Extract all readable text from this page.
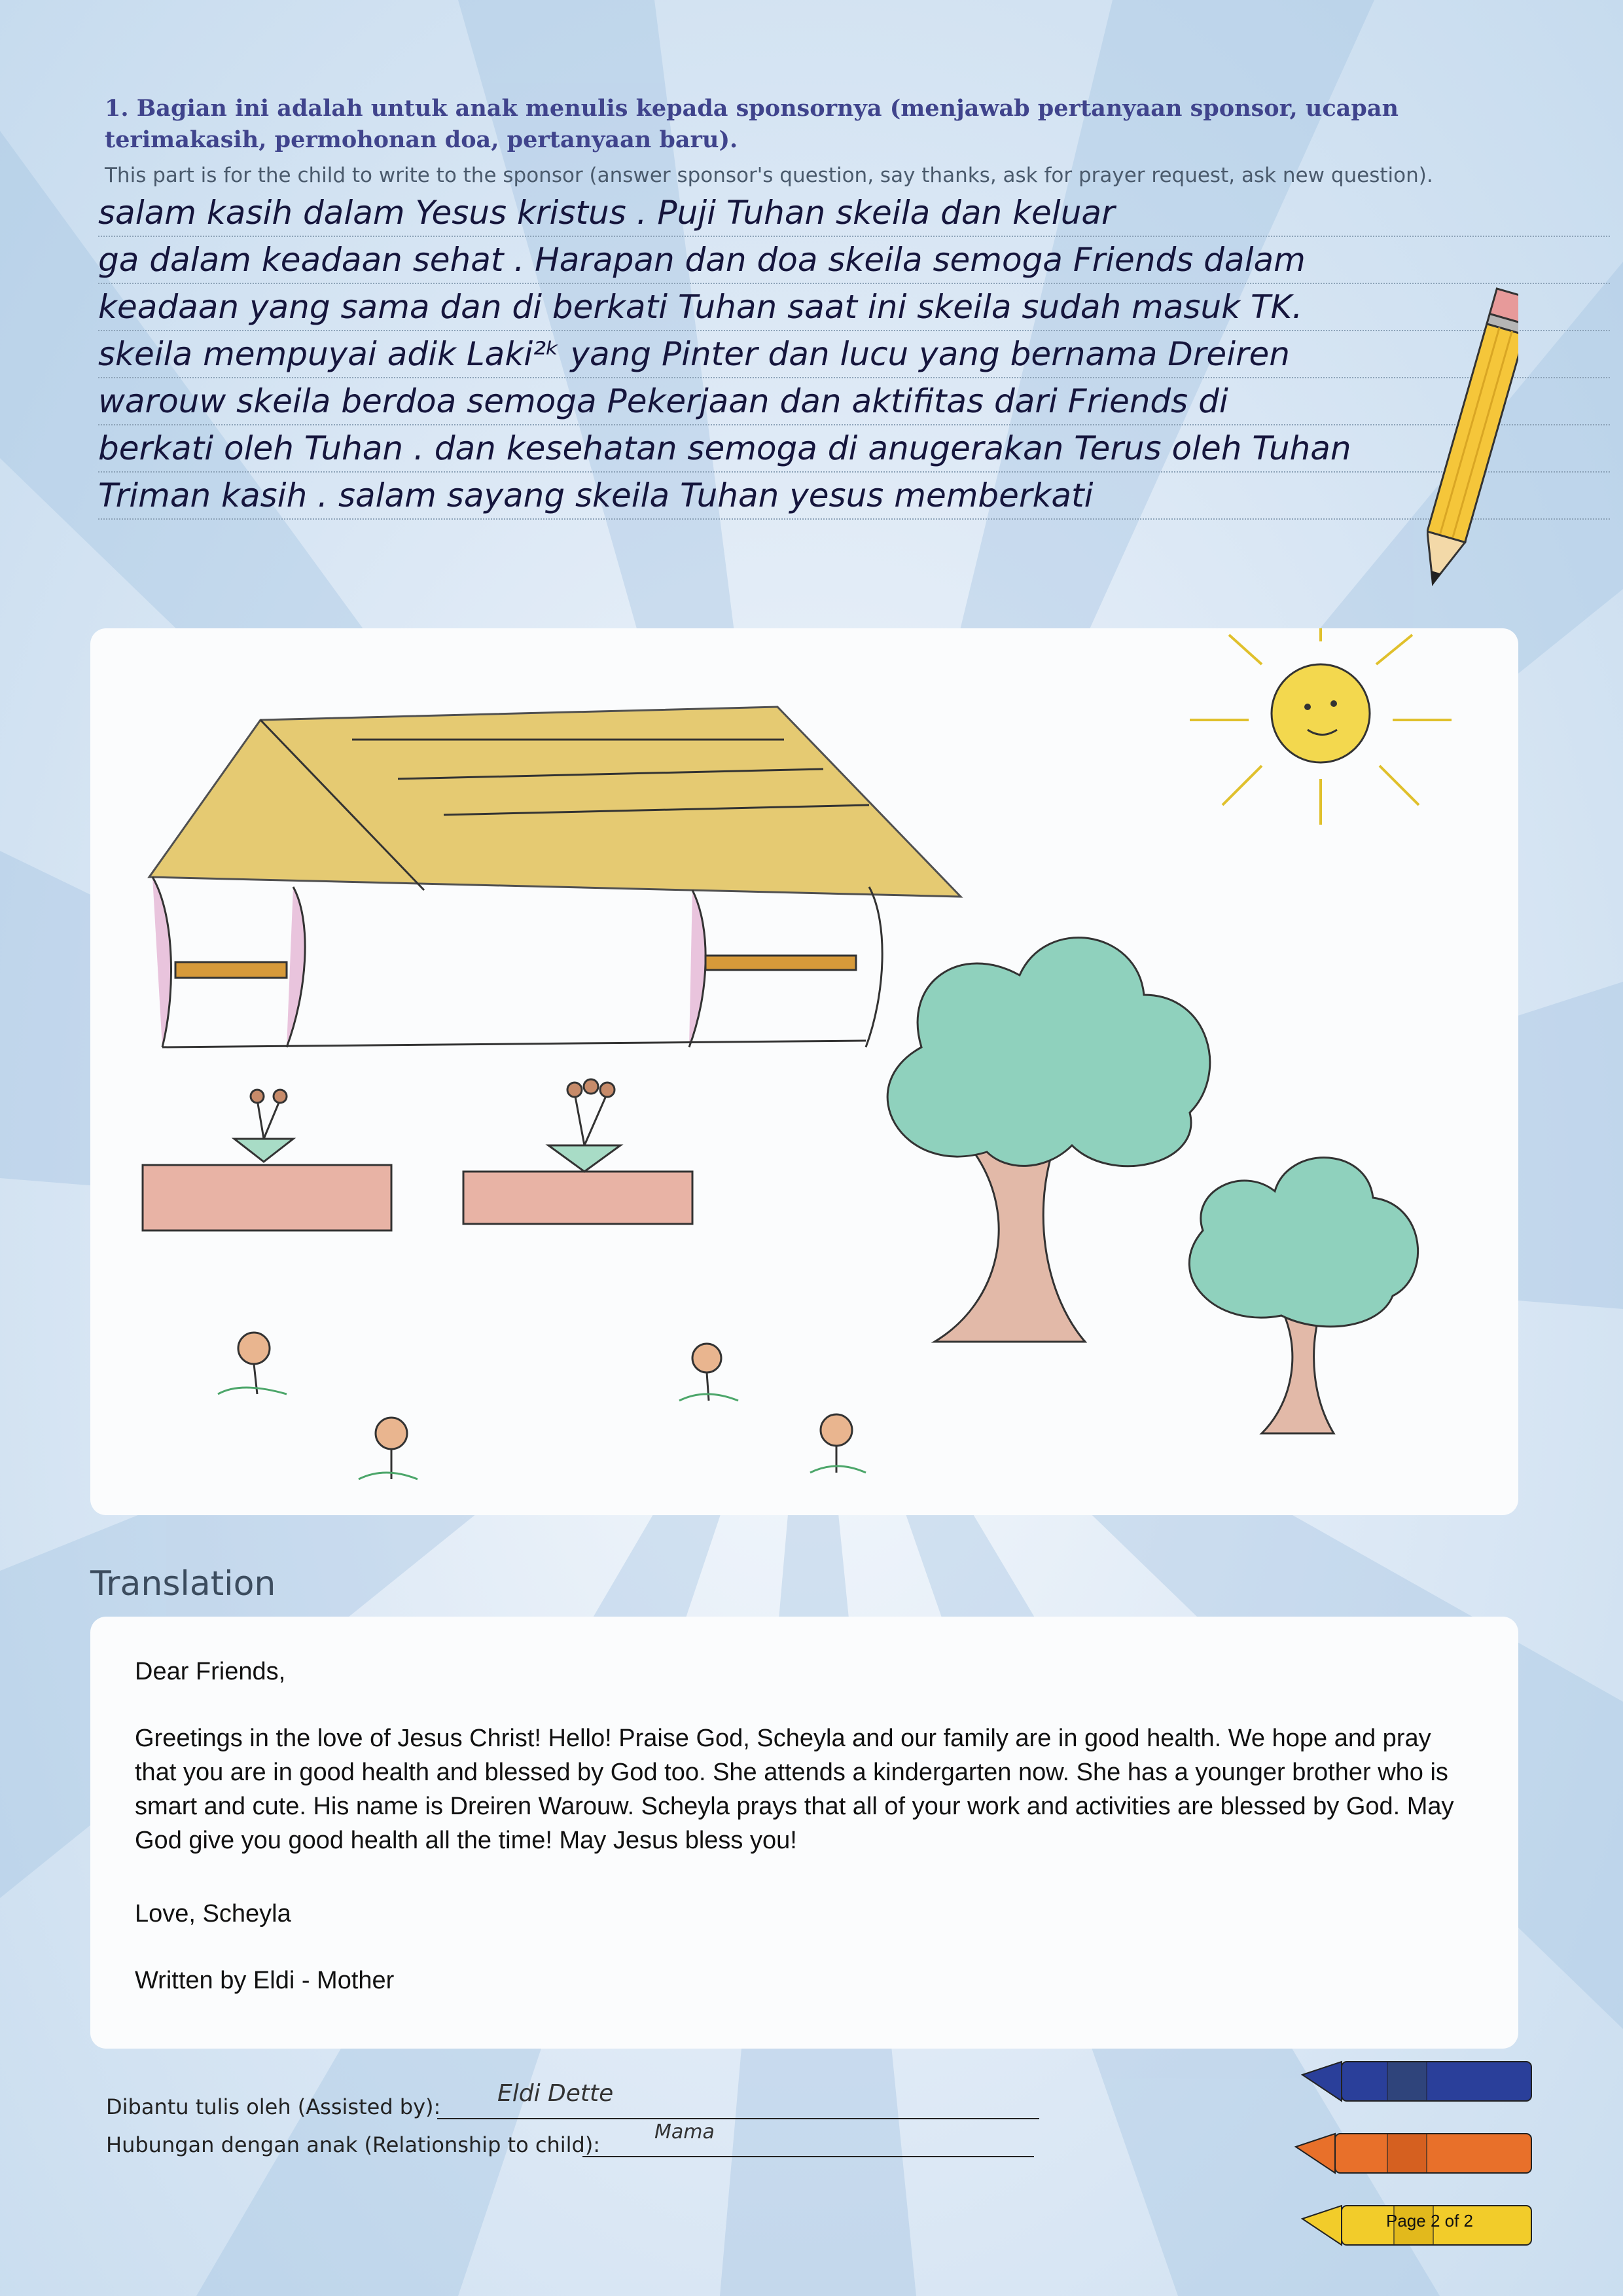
1. Bagian ini adalah untuk anak menulis kepada sponsornya (menjawab pertanyaan sponsor, ucapan terimakasih, permohonan doa, pertanyaan baru).
This part is for the child to write to the sponsor (answer sponsor's question, say thanks, ask for prayer request, ask new question).
salam kasih dalam Yesus kristus . Puji Tuhan skeila dan keluar
ga dalam keadaan sehat . Harapan dan doa skeila semoga Friends dalam
keadaan yang sama dan di berkati Tuhan saat ini skeila sudah masuk TK.
skeila mempuyai adik Laki²ᵏ yang Pinter dan lucu yang bernama Dreiren
warouw skeila berdoa semoga Pekerjaan dan aktifitas dari Friends di
berkati oleh Tuhan . dan kesehatan semoga di anugerakan Terus oleh Tuhan
Triman kasih . salam sayang skeila Tuhan yesus memberkati
Translation
Dear Friends,
Greetings in the love of Jesus Christ! Hello! Praise God, Scheyla and our family are in good health. We hope and pray that you are in good health and blessed by God too. She attends a kindergarten now. She has a younger brother who is smart and cute. His name is Dreiren Warouw. Scheyla prays that all of your work and activities are blessed by God. May God give you good health all the time! May Jesus bless you!
Love, Scheyla
Written by Eldi - Mother
Dibantu tulis oleh (Assisted by): Eldi Dette
Hubungan dengan anak (Relationship to child):
Mama
Page 2 of 2
